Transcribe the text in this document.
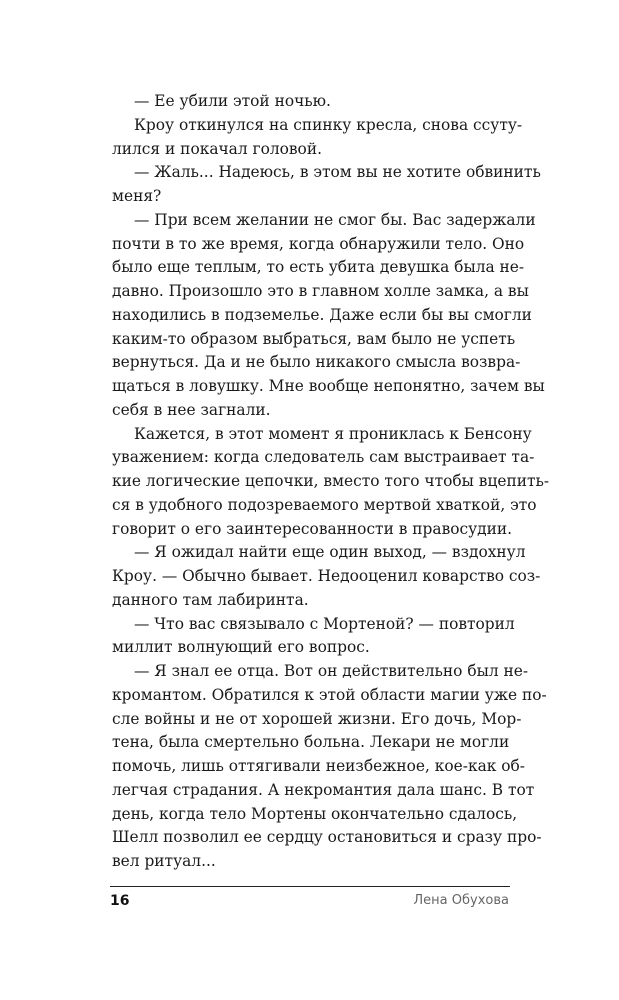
— Ее убили этой ночью.
Кроу откинулся на спинку кресла, снова ссуту-
лился и покачал головой.
— Жаль... Надеюсь, в этом вы не хотите обвинить
меня?
— При всем желании не смог бы. Вас задержали
почти в то же время, когда обнаружили тело. Оно
было еще теплым, то есть убита девушка была не-
давно. Произошло это в главном холле замка, а вы
находились в подземелье. Даже если бы вы смогли
каким-то образом выбраться, вам было не успеть
вернуться. Да и не было никакого смысла возвра-
щаться в ловушку. Мне вообще непонятно, зачем вы
себя в нее загнали.
Кажется, в этот момент я прониклась к Бенсону
уважением: когда следователь сам выстраивает та-
кие логические цепочки, вместо того чтобы вцепить-
ся в удобного подозреваемого мертвой хваткой, это
говорит о его заинтересованности в правосудии.
— Я ожидал найти еще один выход, — вздохнул
Кроу. — Обычно бывает. Недооценил коварство соз-
данного там лабиринта.
— Что вас связывало с Мортеной? — повторил
миллит волнующий его вопрос.
— Я знал ее отца. Вот он действительно был не-
кромантом. Обратился к этой области магии уже по-
сле войны и не от хорошей жизни. Его дочь, Мор-
тена, была смертельно больна. Лекари не могли
помочь, лишь оттягивали неизбежное, кое-как об-
легчая страдания. А некромантия дала шанс. В тот
день, когда тело Мортены окончательно сдалось,
Шелл позволил ее сердцу остановиться и сразу про-
вел ритуал...
16	Лена Обухова
